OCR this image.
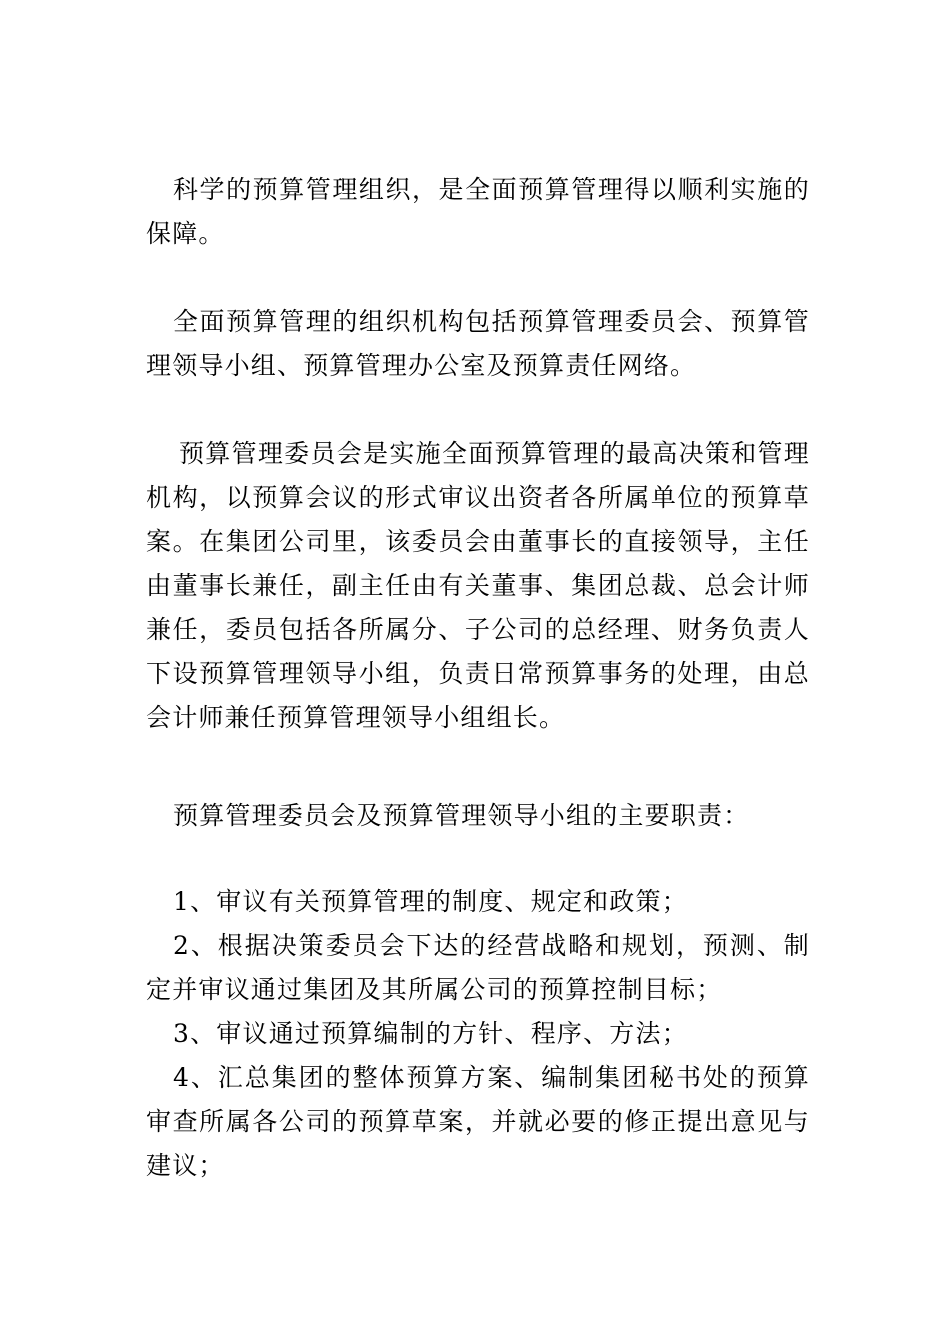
科学的预算管理组织，是全面预算管理得以顺利实施的保障。

全面预算管理的组织机构包括预算管理委员会、预算管理领导小组、预算管理办公室及预算责任网络。

预算管理委员会是实施全面预算管理的最高决策和管理机构，以预算会议的形式审议出资者各所属单位的预算草案。在集团公司里，该委员会由董事长的直接领导，主任由董事长兼任，副主任由有关董事、集团总裁、总会计师兼任，委员包括各所属分、子公司的总经理、财务负责人下设预算管理领导小组，负责日常预算事务的处理，由总会计师兼任预算管理领导小组组长。

预算管理委员会及预算管理领导小组的主要职责：

1、审议有关预算管理的制度、规定和政策；

2、根据决策委员会下达的经营战略和规划，预测、制定并审议通过集团及其所属公司的预算控制目标；

3、审议通过预算编制的方针、程序、方法；

4、汇总集团的整体预算方案、编制集团秘书处的预算审查所属各公司的预算草案，并就必要的修正提出意见与建议；
